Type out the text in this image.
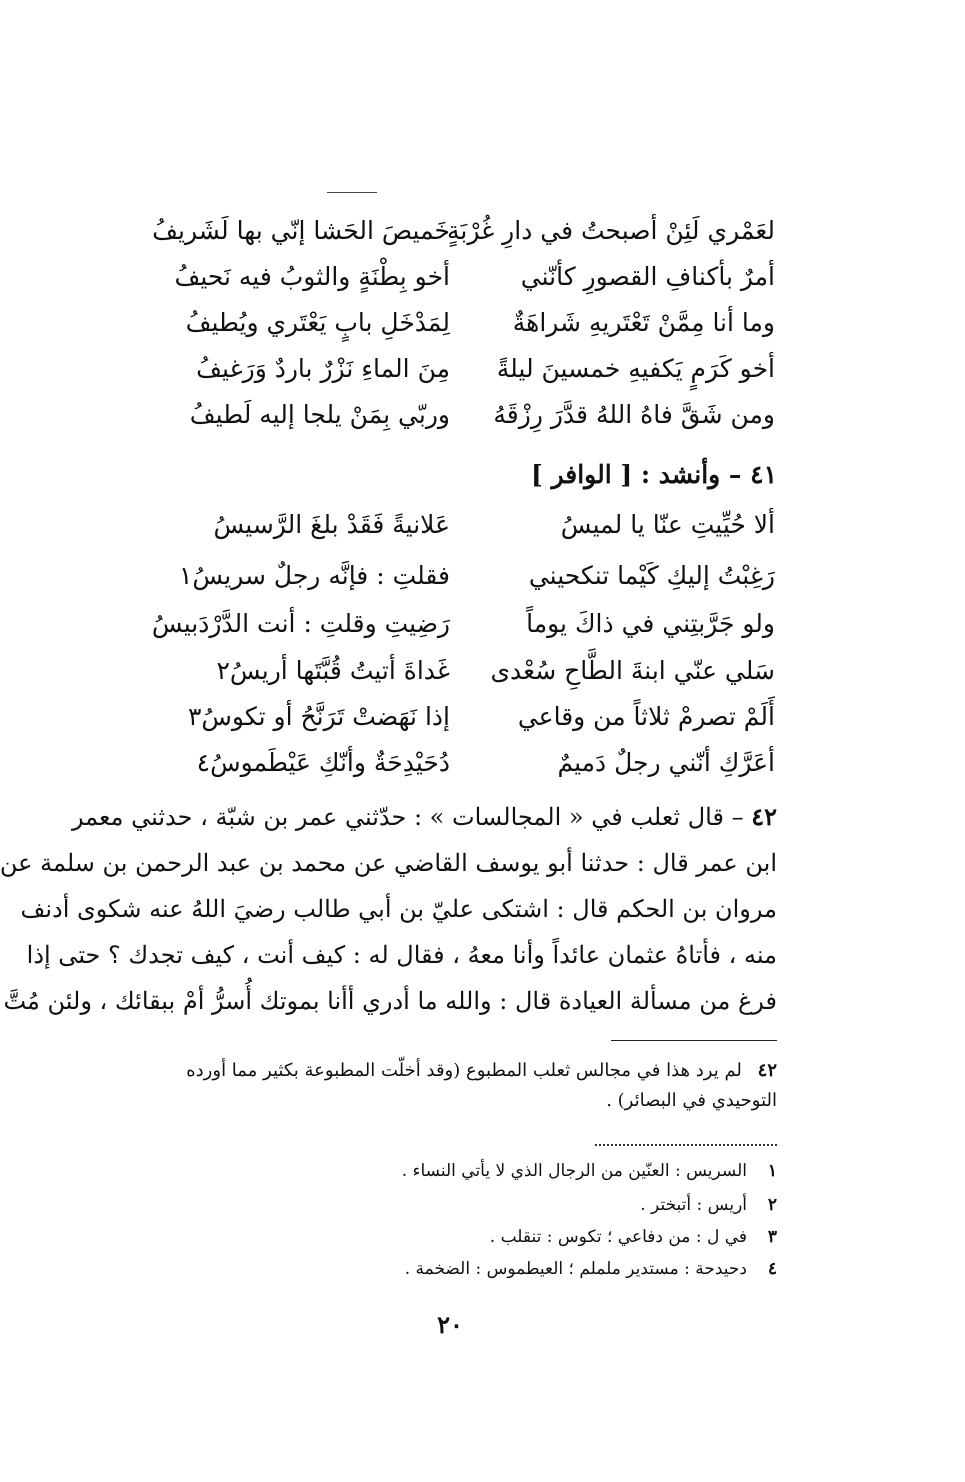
لعَمْري لَئِنْ أصبحتُ في دارِ غُرْبَةٍ
خَميصَ الحَشا إنّي بها لَشَريفُ
أمرٌ بأكنافِ القصورِ كأنّني
أخو بِطْنَةٍ والثوبُ فيه نَحيفُ
وما أنا مِمَّنْ تَعْتَريهِ شَراهَةٌ
لِمَدْخَلِ بابٍ يَعْتَري ويُطيفُ
أخو كَرَمٍ يَكفيهِ خمسينَ ليلةً
مِنَ الماءِ نَزْرٌ باردٌ وَرَغيفُ
ومن شَقَّ فاهُ اللهُ قدَّرَ رِزْقَهُ
وربّي بِمَنْ يلجا إليه لَطيفُ
٤١ – وأنشد : [ الوافر ]
ألا حُيِّيتِ عنّا يا لميسُ
عَلانيةً فَقَدْ بلغَ الرَّسيسُ
رَغِبْتُ إليكِ كَيْما تنكحيني
فقلتِ : فإنَّه رجلٌ سريسُ١
ولو جَرَّبتِني في ذاكَ يوماً
رَضِيتِ وقلتِ : أنت الدَّرْدَبيسُ
سَلي عنّي ابنةَ الطَّاحِ سُعْدى
غَداةَ أتيتُ قُبَّتَها أريسُ٢
أَلَمْ تصرمْ ثلاثاً من وقاعي
إذا نَهَضتْ تَرَنَّحُ أو تكوسُ٣
أعَرَّكِ أنّني رجلٌ دَميمٌ
دُحَيْدِحَةٌ وأنّكِ عَيْطَموسُ٤
٤٢ – قال ثعلب في « المجالسات » : حدّثني عمر بن شبّة ، حدثني معمر
ابن عمر قال : حدثنا أبو يوسف القاضي عن محمد بن عبد الرحمن بن سلمة عن
مروان بن الحكم قال : اشتكى عليّ بن أبي طالب رضيَ اللهُ عنه شكوى أدنف
منه ، فأتاهُ عثمان عائداً وأنا معهُ ، فقال له : كيف أنت ، كيف تجدك ؟ حتى إذا
فرغ من مسألة العيادة قال : والله ما أدري أأنا بموتك أُسرُّ أمْ ببقائك ، ولئن مُتَّ
٤٢ لم يرد هذا في مجالس ثعلب المطبوع (وقد أخلّت المطبوعة بكثير مما أورده التوحيدي في البصائر) .
١السريس : العنّين من الرجال الذي لا يأتي النساء .
٢أريس : أتبختر .
٣في ل : من دفاعي ؛ تكوس : تنقلب .
٤دحيدحة : مستدير ململم ؛ العيطموس : الضخمة .
٢٠
